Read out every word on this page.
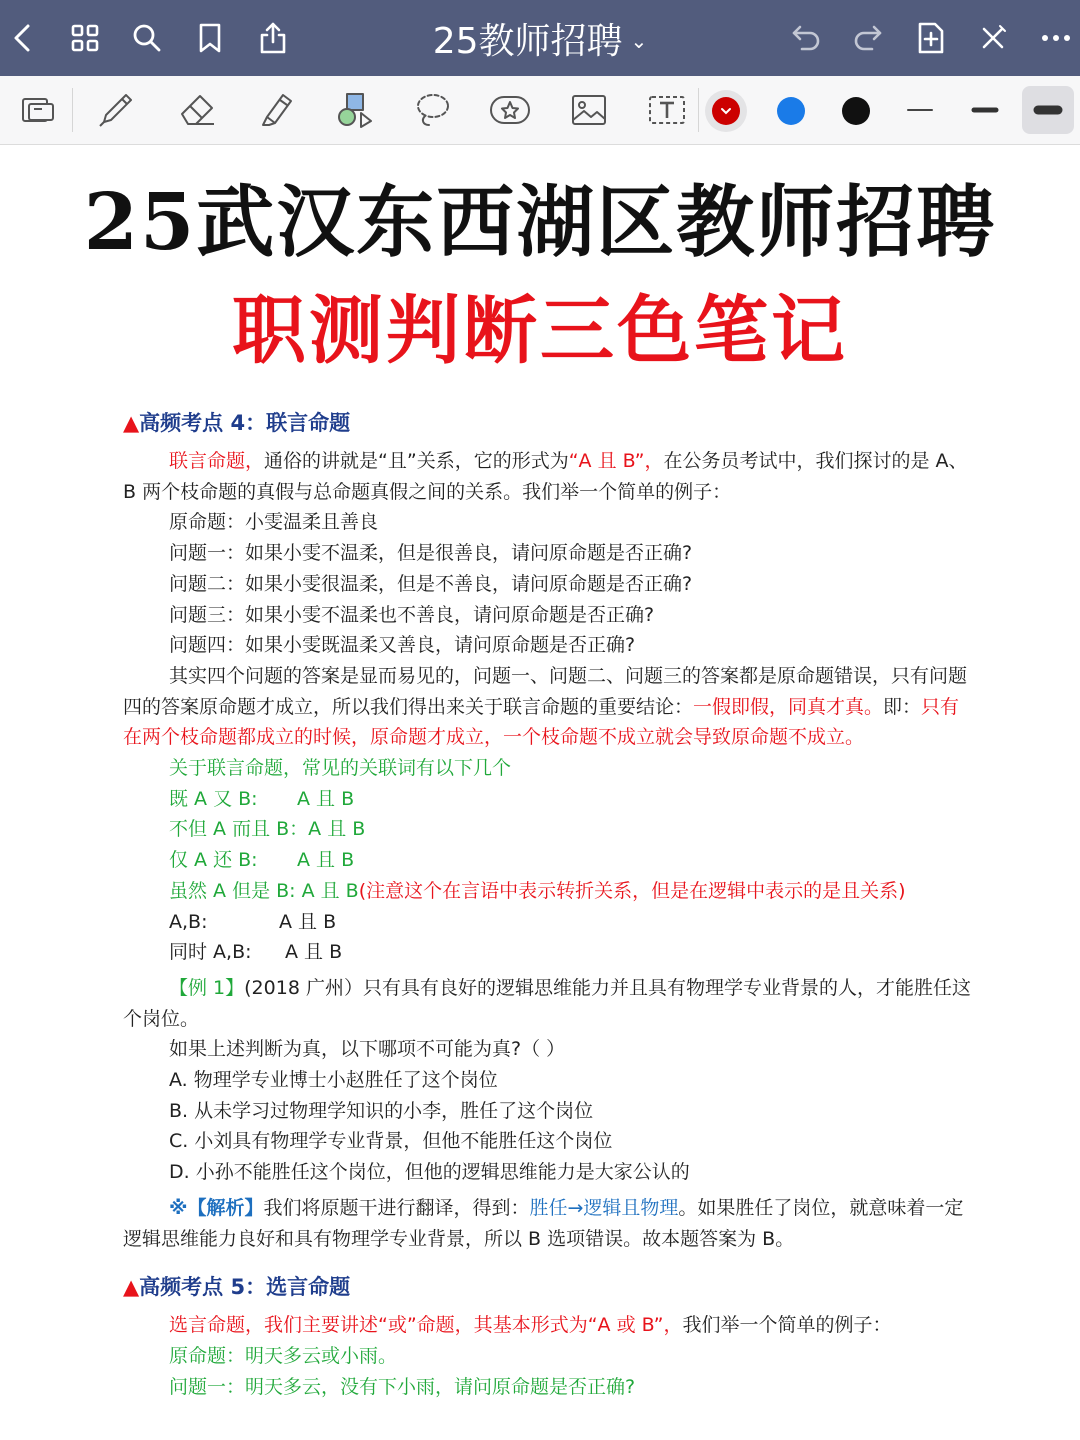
25教师招聘 ⌄
25武汉东西湖区教师招聘
职测判断三色笔记

▲高频考点 4：联言命题

联言命题，通俗的讲就是“且”关系，它的形式为“A 且 B”，在公务员考试中，我们探讨的是 A、B 两个枝命题的真假与总命题真假之间的关系。我们举一个简单的例子：

原命题：小雯温柔且善良

问题一：如果小雯不温柔，但是很善良，请问原命题是否正确?

问题二：如果小雯很温柔，但是不善良，请问原命题是否正确?

问题三：如果小雯不温柔也不善良，请问原命题是否正确?

问题四：如果小雯既温柔又善良，请问原命题是否正确?

其实四个问题的答案是显而易见的，问题一、问题二、问题三的答案都是原命题错误，只有问题四的答案原命题才成立，所以我们得出来关于联言命题的重要结论：一假即假，同真才真。即：只有在两个枝命题都成立的时候，原命题才成立，一个枝命题不成立就会导致原命题不成立。

关于联言命题，常见的关联词有以下几个

既 A 又 B: A 且 B

不但 A 而且 B：A 且 B

仅 A 还 B: A 且 B

虽然 A 但是 B: A 且 B(注意这个在言语中表示转折关系，但是在逻辑中表示的是且关系)

A,B:	A 且 B

同时 A,B: A 且 B

【例 1】(2018 广州）只有具有良好的逻辑思维能力并且具有物理学专业背景的人，才能胜任这个岗位。

如果上述判断为真，以下哪项不可能为真?（ ）

A. 物理学专业博士小赵胜任了这个岗位

B. 从未学习过物理学知识的小李，胜任了这个岗位

C. 小刘具有物理学专业背景，但他不能胜任这个岗位

D. 小孙不能胜任这个岗位，但他的逻辑思维能力是大家公认的

※【解析】我们将原题干进行翻译，得到：胜任→逻辑且物理。如果胜任了岗位，就意味着一定逻辑思维能力良好和具有物理学专业背景，所以 B 选项错误。故本题答案为 B。

▲高频考点 5：选言命题

选言命题，我们主要讲述“或”命题，其基本形式为“A 或 B”，我们举一个简单的例子：

原命题：明天多云或小雨。

问题一：明天多云，没有下小雨，请问原命题是否正确?
